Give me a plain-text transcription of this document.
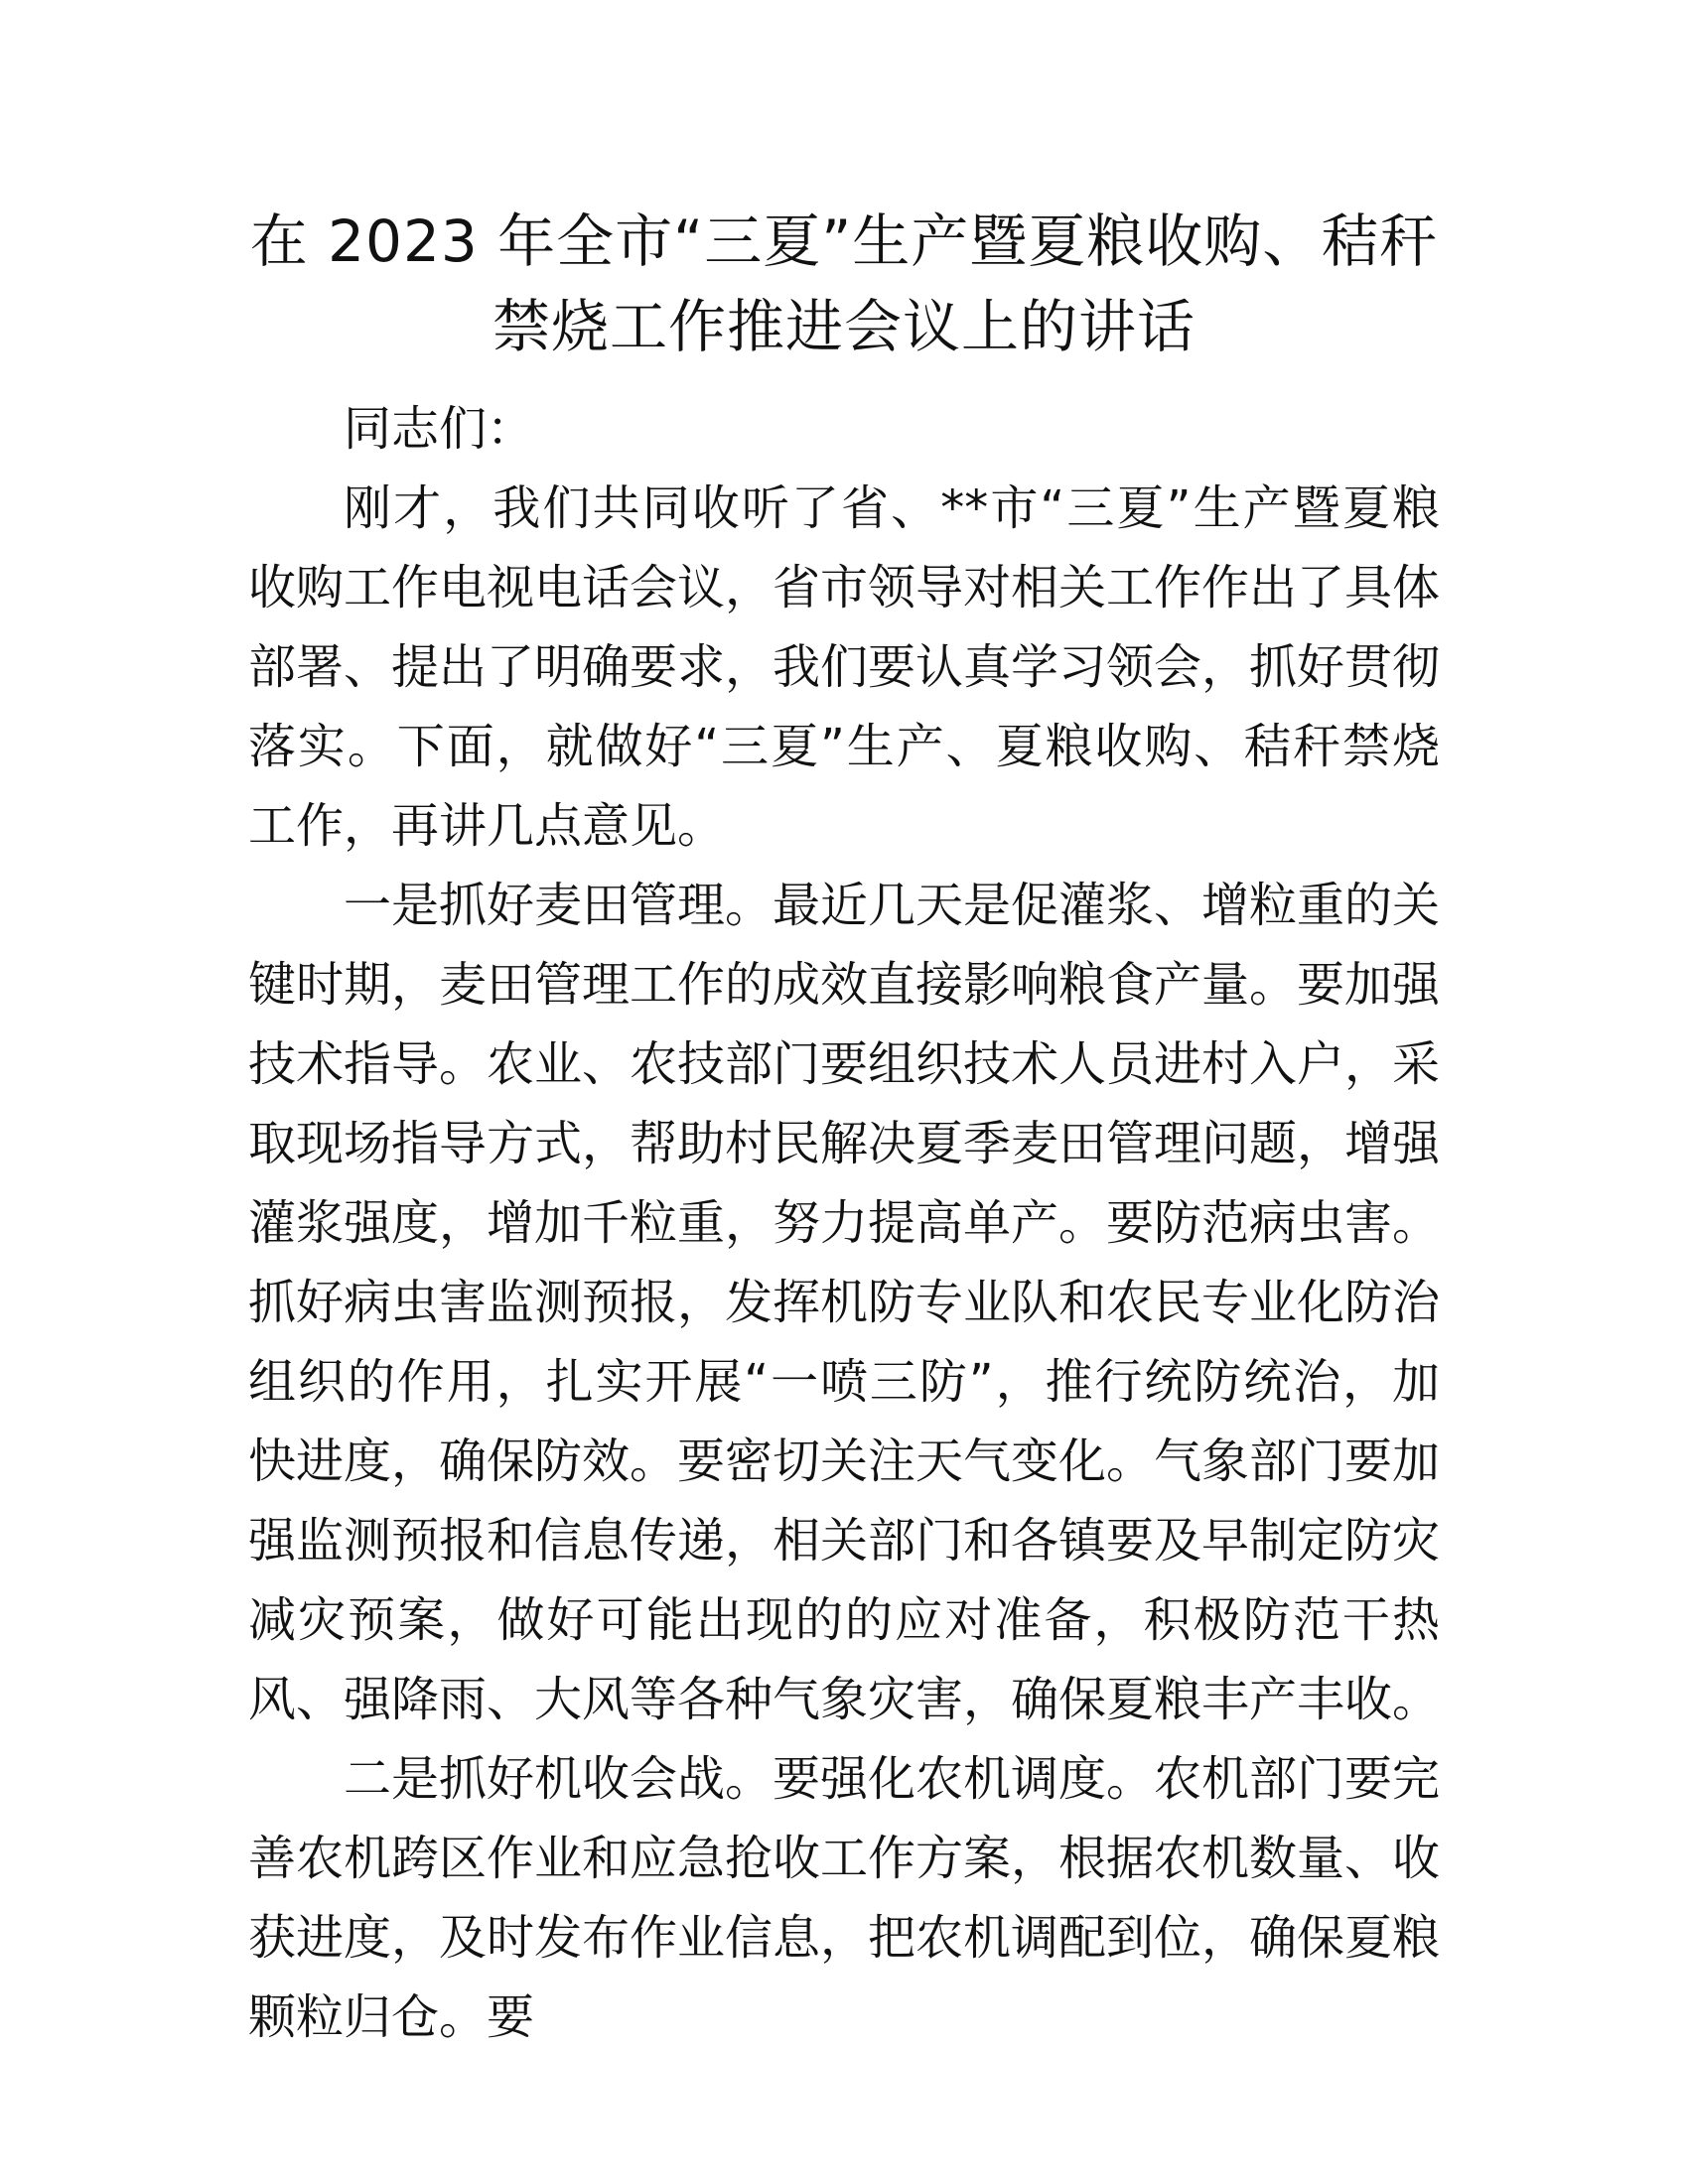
在 2023 年全市“三夏”生产暨夏粮收购、秸秆
禁烧工作推进会议上的讲话

同志们：

刚才，我们共同收听了省、**市“三夏”生产暨夏粮收购工作电视电话会议，省市领导对相关工作作出了具体部署、提出了明确要求，我们要认真学习领会，抓好贯彻落实。下面，就做好“三夏”生产、夏粮收购、秸秆禁烧工作，再讲几点意见。

一是抓好麦田管理。最近几天是促灌浆、增粒重的关键时期，麦田管理工作的成效直接影响粮食产量。要加强技术指导。农业、农技部门要组织技术人员进村入户，采取现场指导方式，帮助村民解决夏季麦田管理问题，增强灌浆强度，增加千粒重，努力提高单产。要防范病虫害。抓好病虫害监测预报，发挥机防专业队和农民专业化防治组织的作用，扎实开展“一喷三防”，推行统防统治，加快进度，确保防效。要密切关注天气变化。气象部门要加强监测预报和信息传递，相关部门和各镇要及早制定防灾减灾预案，做好可能出现的的应对准备，积极防范干热风、强降雨、大风等各种气象灾害，确保夏粮丰产丰收。

二是抓好机收会战。要强化农机调度。农机部门要完善农机跨区作业和应急抢收工作方案，根据农机数量、收获进度，及时发布作业信息，把农机调配到位，确保夏粮颗粒归仓。要
